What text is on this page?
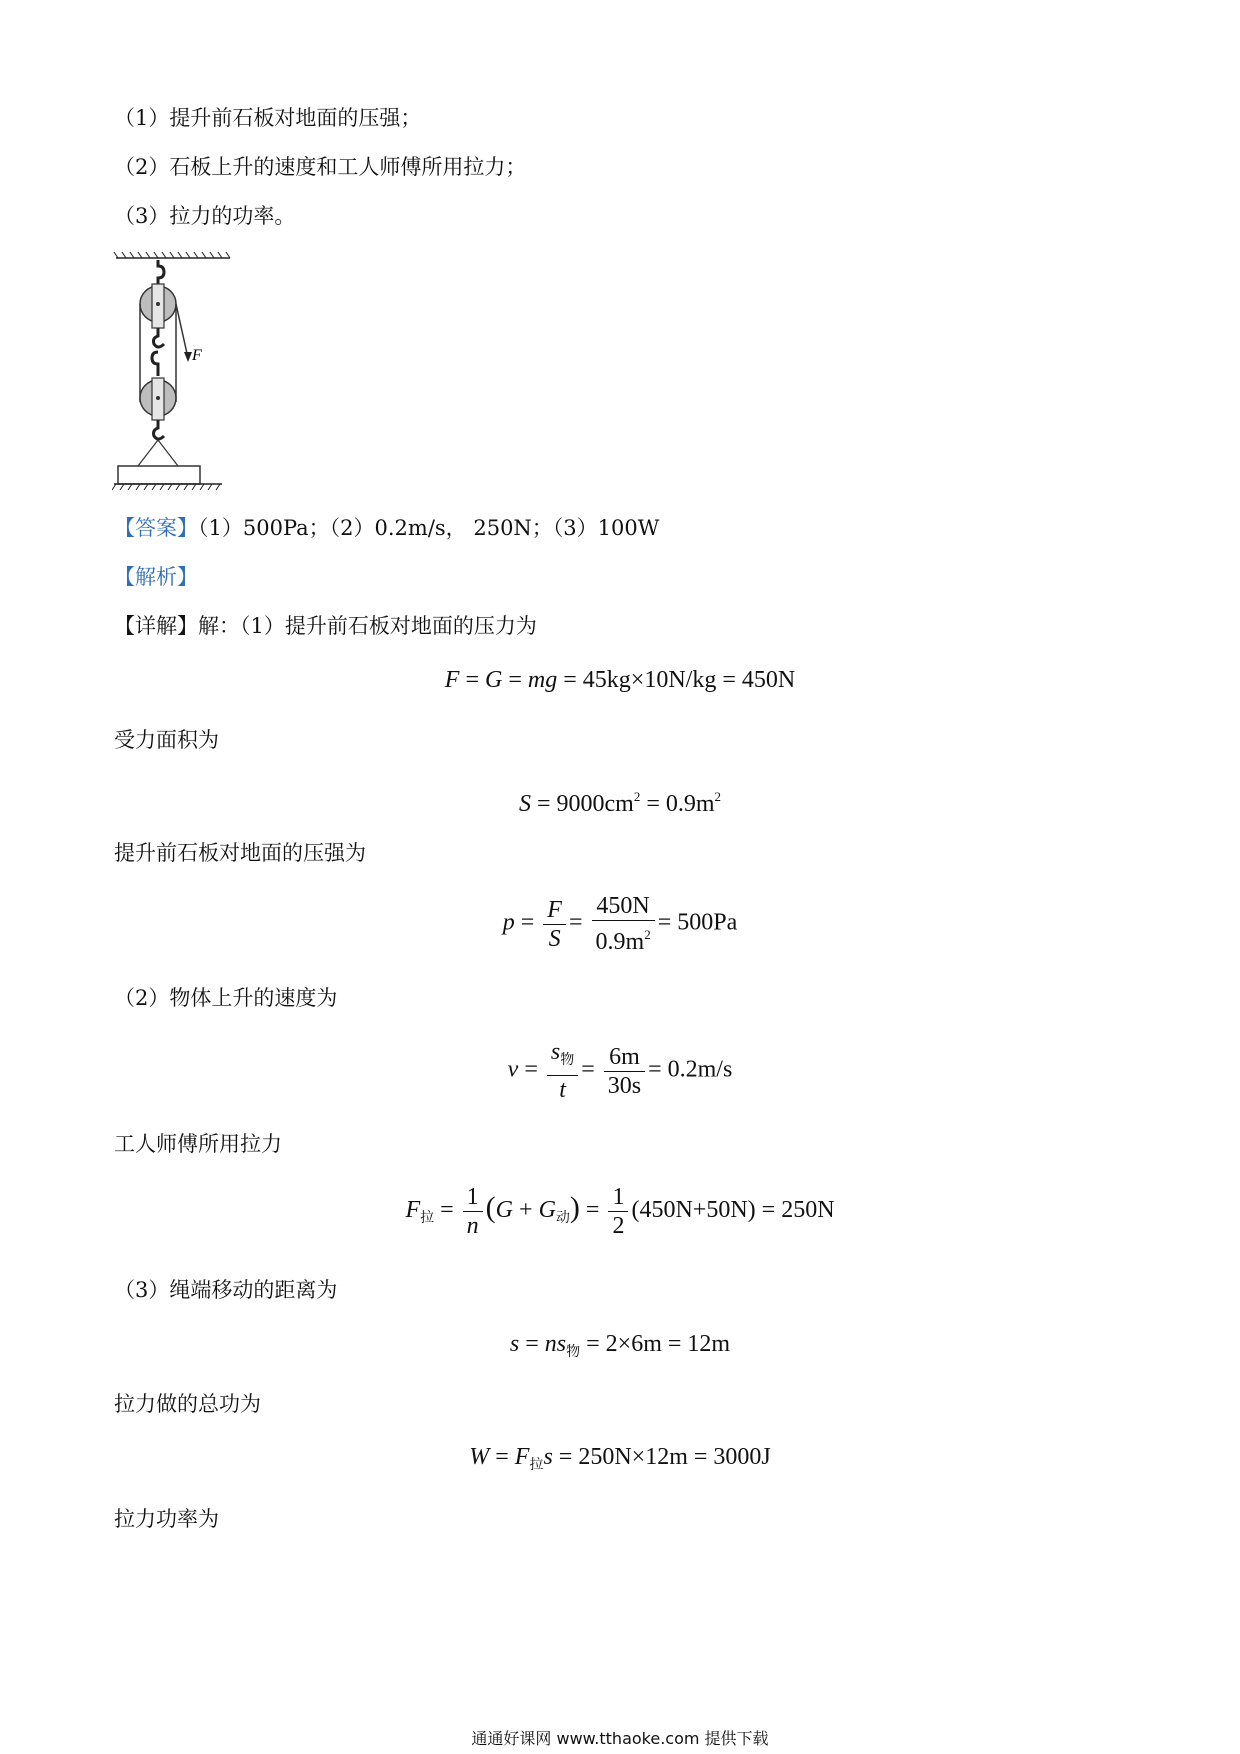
（1）提升前石板对地面的压强；
（2）石板上升的速度和工人师傅所用拉力；
（3）拉力的功率。
F
【答案】（1）500Pa；（2）0.2m/s， 250N；（3）100W
【解析】
【详解】解：（1）提升前石板对地面的压力为
F = G = mg = 45kg×10N/kg = 450N
受力面积为
$S = 9000cm^2 = 0.9m^2$
提升前石板对地面的压强为
$p = \frac{F}{S} = \frac{450N}{0.9m^2} = 500Pa$
（2）物体上升的速度为
$v = \frac{s_物}{t} = \frac{6m}{30s} = 0.2m/s$
工人师傅所用拉力
$F_拉 = \frac{1}{n} (G + G_动) = \frac{1}{2} (450N+50N) = 250N$
（3）绳端移动的距离为
$s = ns_物 = 2\times 6m = 12m$
拉力做的总功为
$W = F_拉s = 250N\times 12m = 3000J$
拉力功率为
通通好课网 www.tthaoke.com 提供下载
